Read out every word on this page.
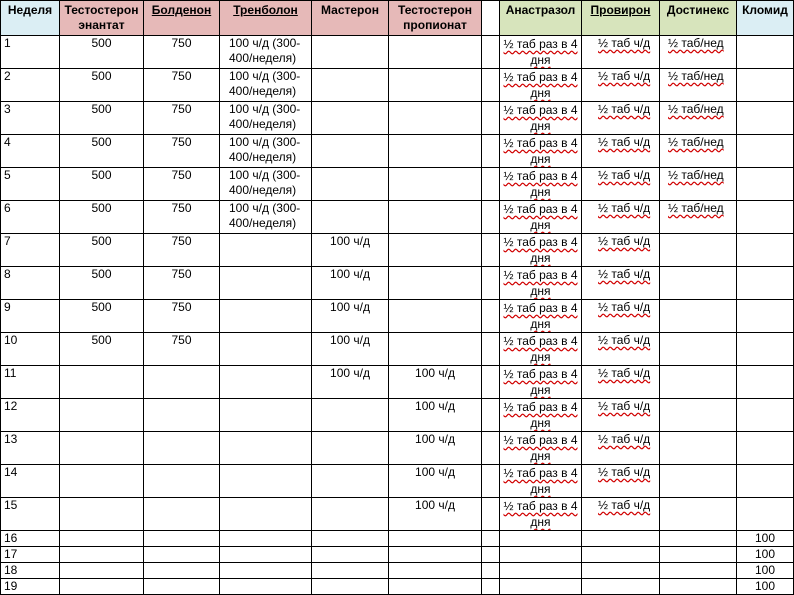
Неделя	Тестостерон энантат	Болденон	Тренболон	Мастерон	Тестостерон пропионат		Анастразол	Провирон	Достинекс	Кломид
1	500	750	100 ч/д (300-400/неделя)				½ таб раз в 4 дня	½ таб ч/д	½ таб/нед	
2	500	750	100 ч/д (300-400/неделя)				½ таб раз в 4 дня	½ таб ч/д	½ таб/нед	
3	500	750	100 ч/д (300-400/неделя)				½ таб раз в 4 дня	½ таб ч/д	½ таб/нед	
4	500	750	100 ч/д (300-400/неделя)				½ таб раз в 4 дня	½ таб ч/д	½ таб/нед	
5	500	750	100 ч/д (300-400/неделя)				½ таб раз в 4 дня	½ таб ч/д	½ таб/нед	
6	500	750	100 ч/д (300-400/неделя)				½ таб раз в 4 дня	½ таб ч/д	½ таб/нед	
7	500	750		100 ч/д			½ таб раз в 4 дня	½ таб ч/д		
8	500	750		100 ч/д			½ таб раз в 4 дня	½ таб ч/д		
9	500	750		100 ч/д			½ таб раз в 4 дня	½ таб ч/д		
10	500	750		100 ч/д			½ таб раз в 4 дня	½ таб ч/д		
11				100 ч/д	100 ч/д		½ таб раз в 4 дня	½ таб ч/д		
12					100 ч/д		½ таб раз в 4 дня	½ таб ч/д		
13					100 ч/д		½ таб раз в 4 дня	½ таб ч/д		
14					100 ч/д		½ таб раз в 4 дня	½ таб ч/д		
15					100 ч/д		½ таб раз в 4 дня	½ таб ч/д		
16										100
17										100
18										100
19										100
